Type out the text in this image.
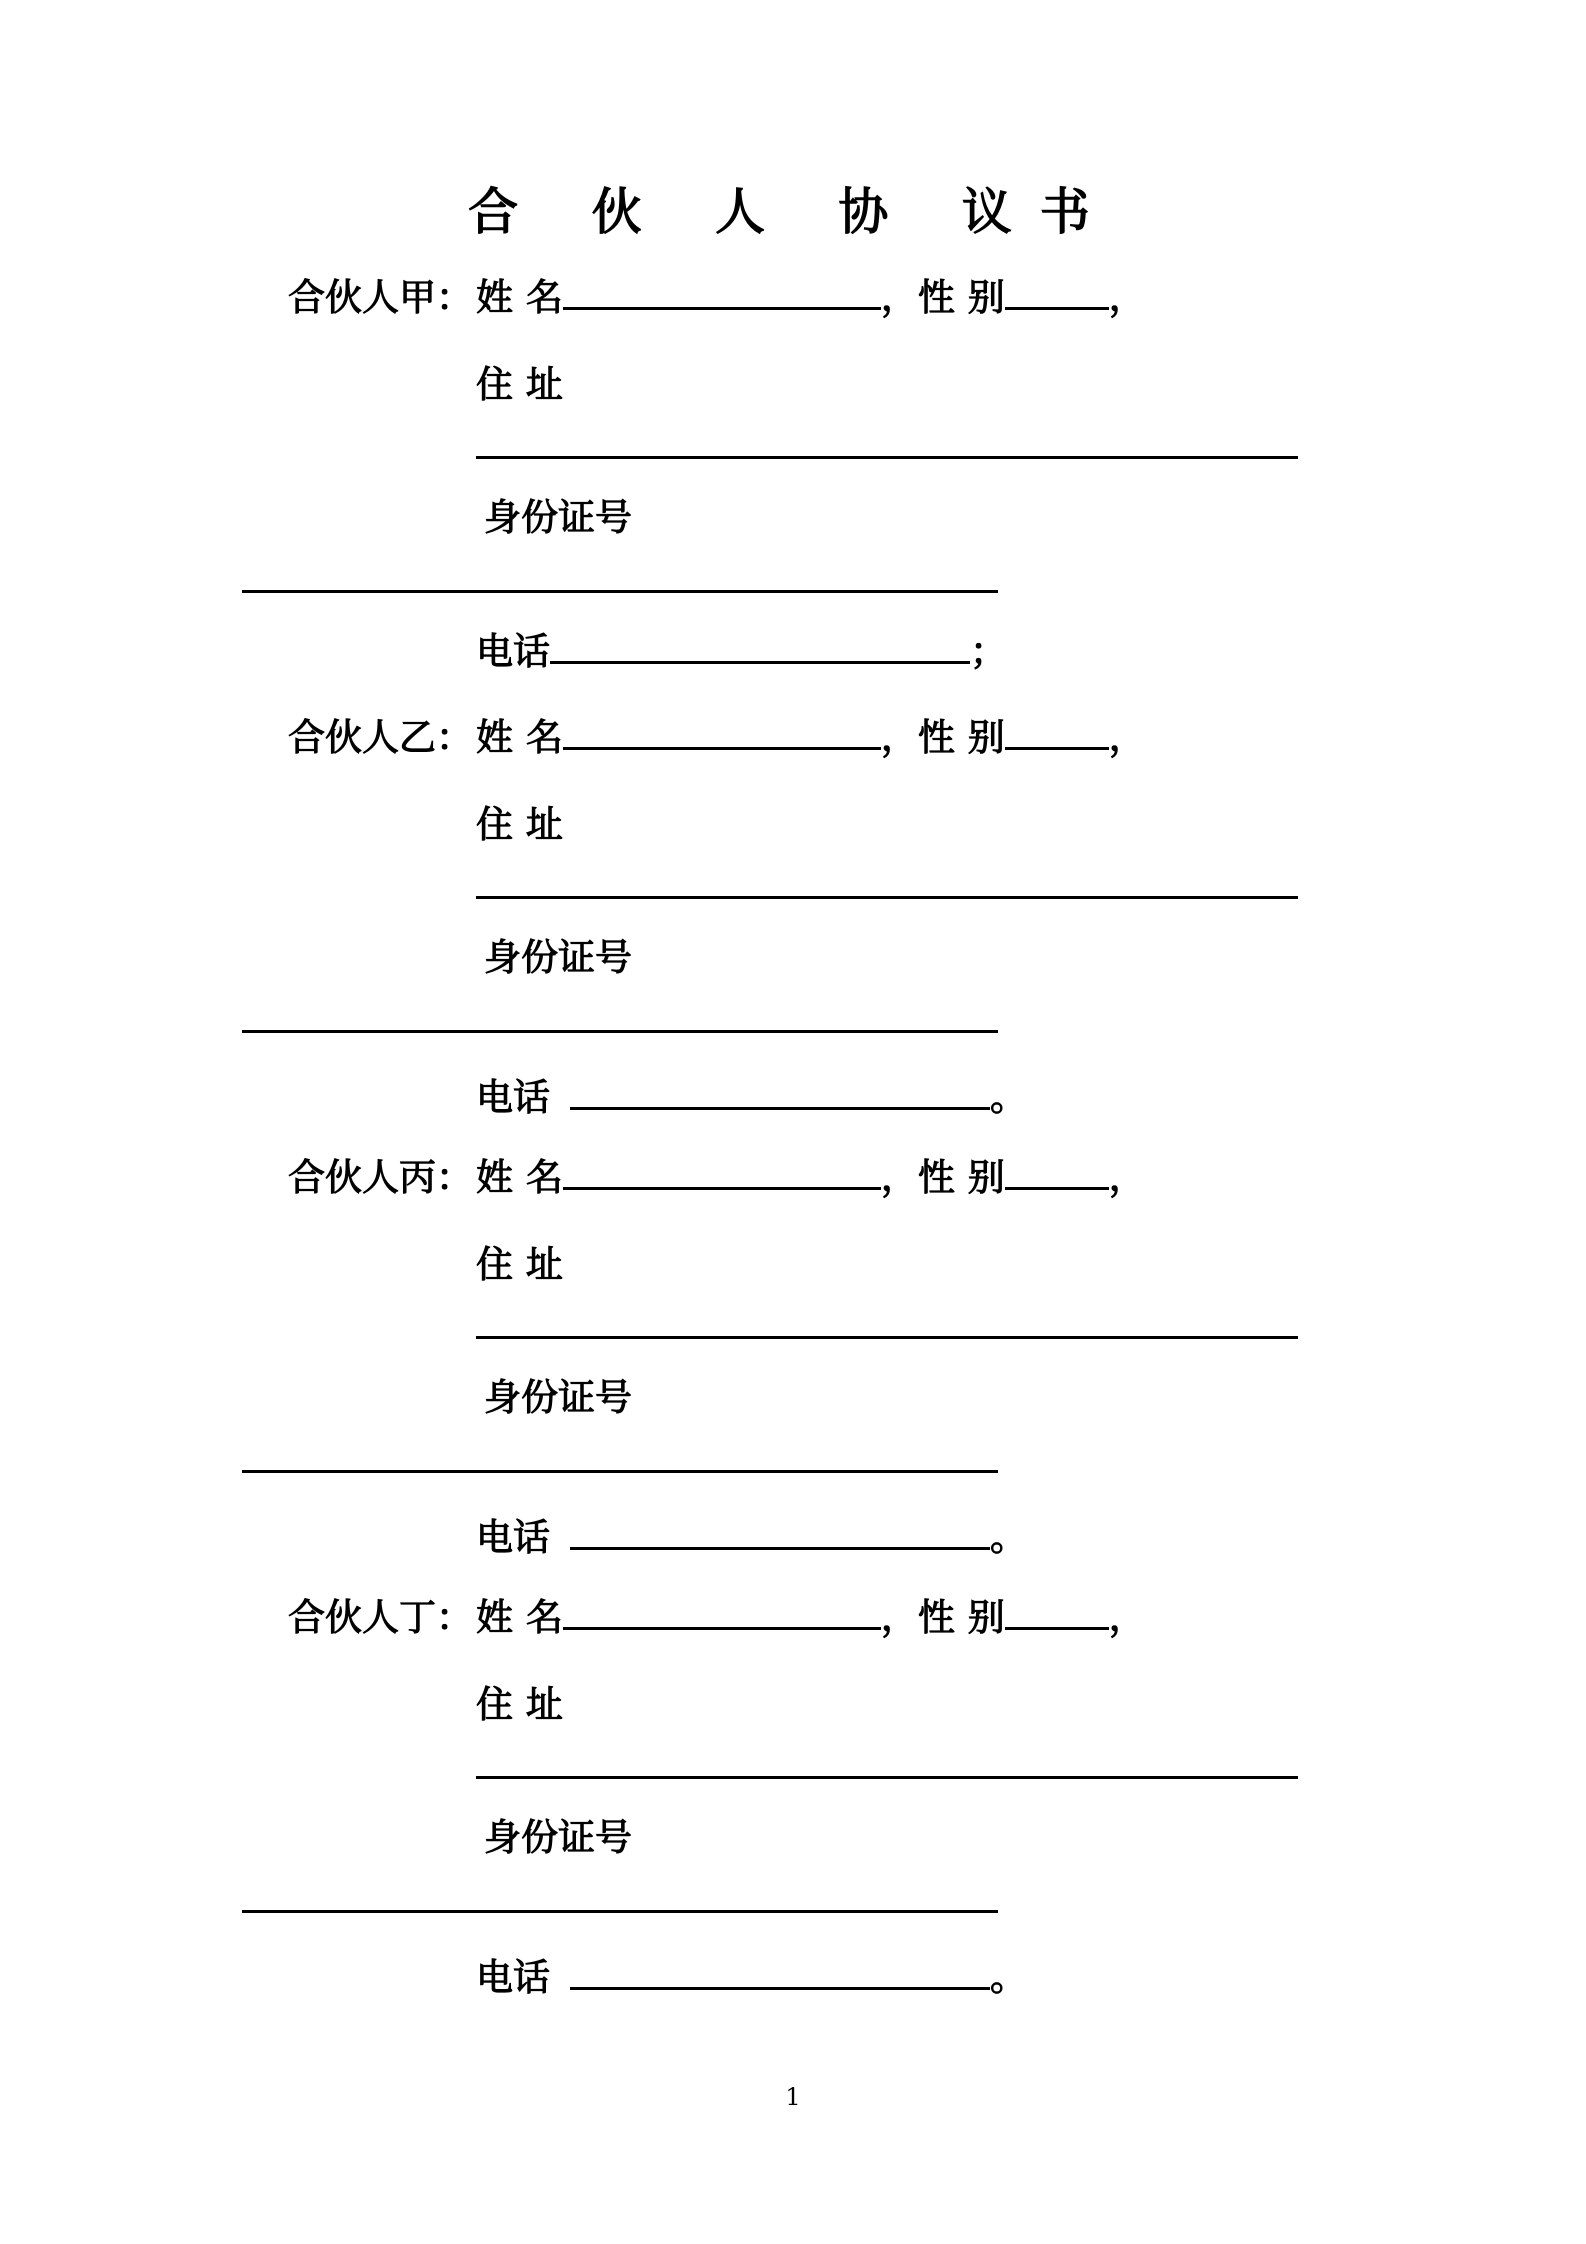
合 伙 人 协 议书
合伙人甲： 姓 名	，性 别	，
住 址
身份证号
电话	；
合伙人乙： 姓 名	，性 别	，
住 址
身份证号
电话	。
合伙人丙： 姓 名	，性 别	，
住 址
身份证号
电话	。
合伙人丁： 姓 名	，性 别	，
住 址
身份证号
电话	。
1
